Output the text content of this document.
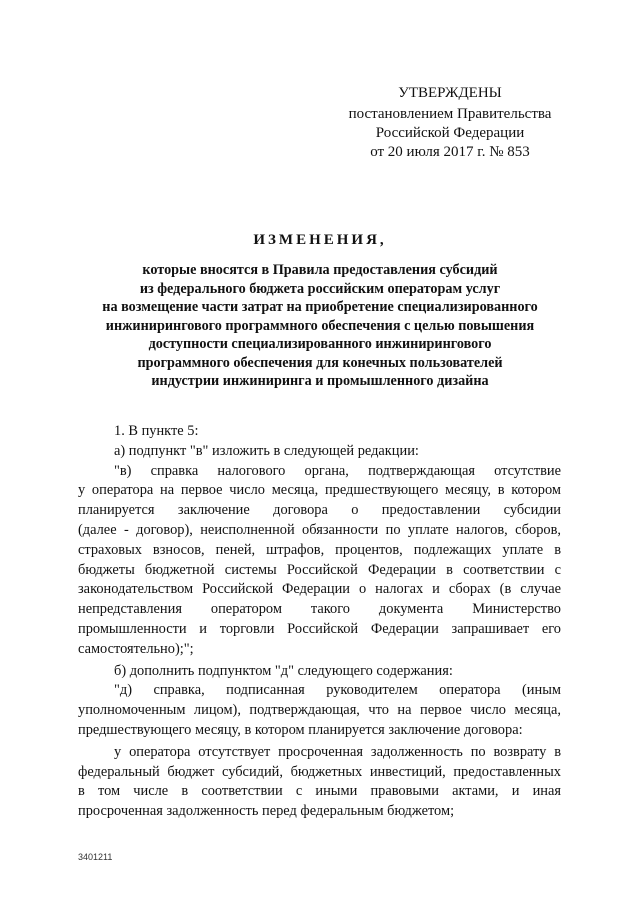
УТВЕРЖДЕНЫ
постановлением Правительства
Российской Федерации
от 20 июля 2017 г. № 853
ИЗМЕНЕНИЯ,
которые вносятся в Правила предоставления субсидий
из федерального бюджета российским операторам услуг
на возмещение части затрат на приобретение специализированного
инжинирингового программного обеспечения с целью повышения
доступности специализированного инжинирингового
программного обеспечения для конечных пользователей
индустрии инжиниринга и промышленного дизайна
1. В пункте 5:
а) подпункт "в" изложить в следующей редакции:
"в) справка налогового органа, подтверждающая отсутствие
у оператора на первое число месяца, предшествующего месяцу, в котором
планируется заключение договора о предоставлении субсидии
(далее - договор), неисполненной обязанности по уплате налогов, сборов,
страховых взносов, пеней, штрафов, процентов, подлежащих уплате в
бюджеты бюджетной системы Российской Федерации в соответствии с
законодательством Российской Федерации о налогах и сборах (в случае
непредставления оператором такого документа Министерство
промышленности и торговли Российской Федерации запрашивает его
самостоятельно);";
б) дополнить подпунктом "д" следующего содержания:
"д) справка, подписанная руководителем оператора (иным
уполномоченным лицом), подтверждающая, что на первое число месяца,
предшествующего месяцу, в котором планируется заключение договора:
у оператора отсутствует просроченная задолженность по возврату в
федеральный бюджет субсидий, бюджетных инвестиций, предоставленных
в том числе в соответствии с иными правовыми актами, и иная
просроченная задолженность перед федеральным бюджетом;
3401211
